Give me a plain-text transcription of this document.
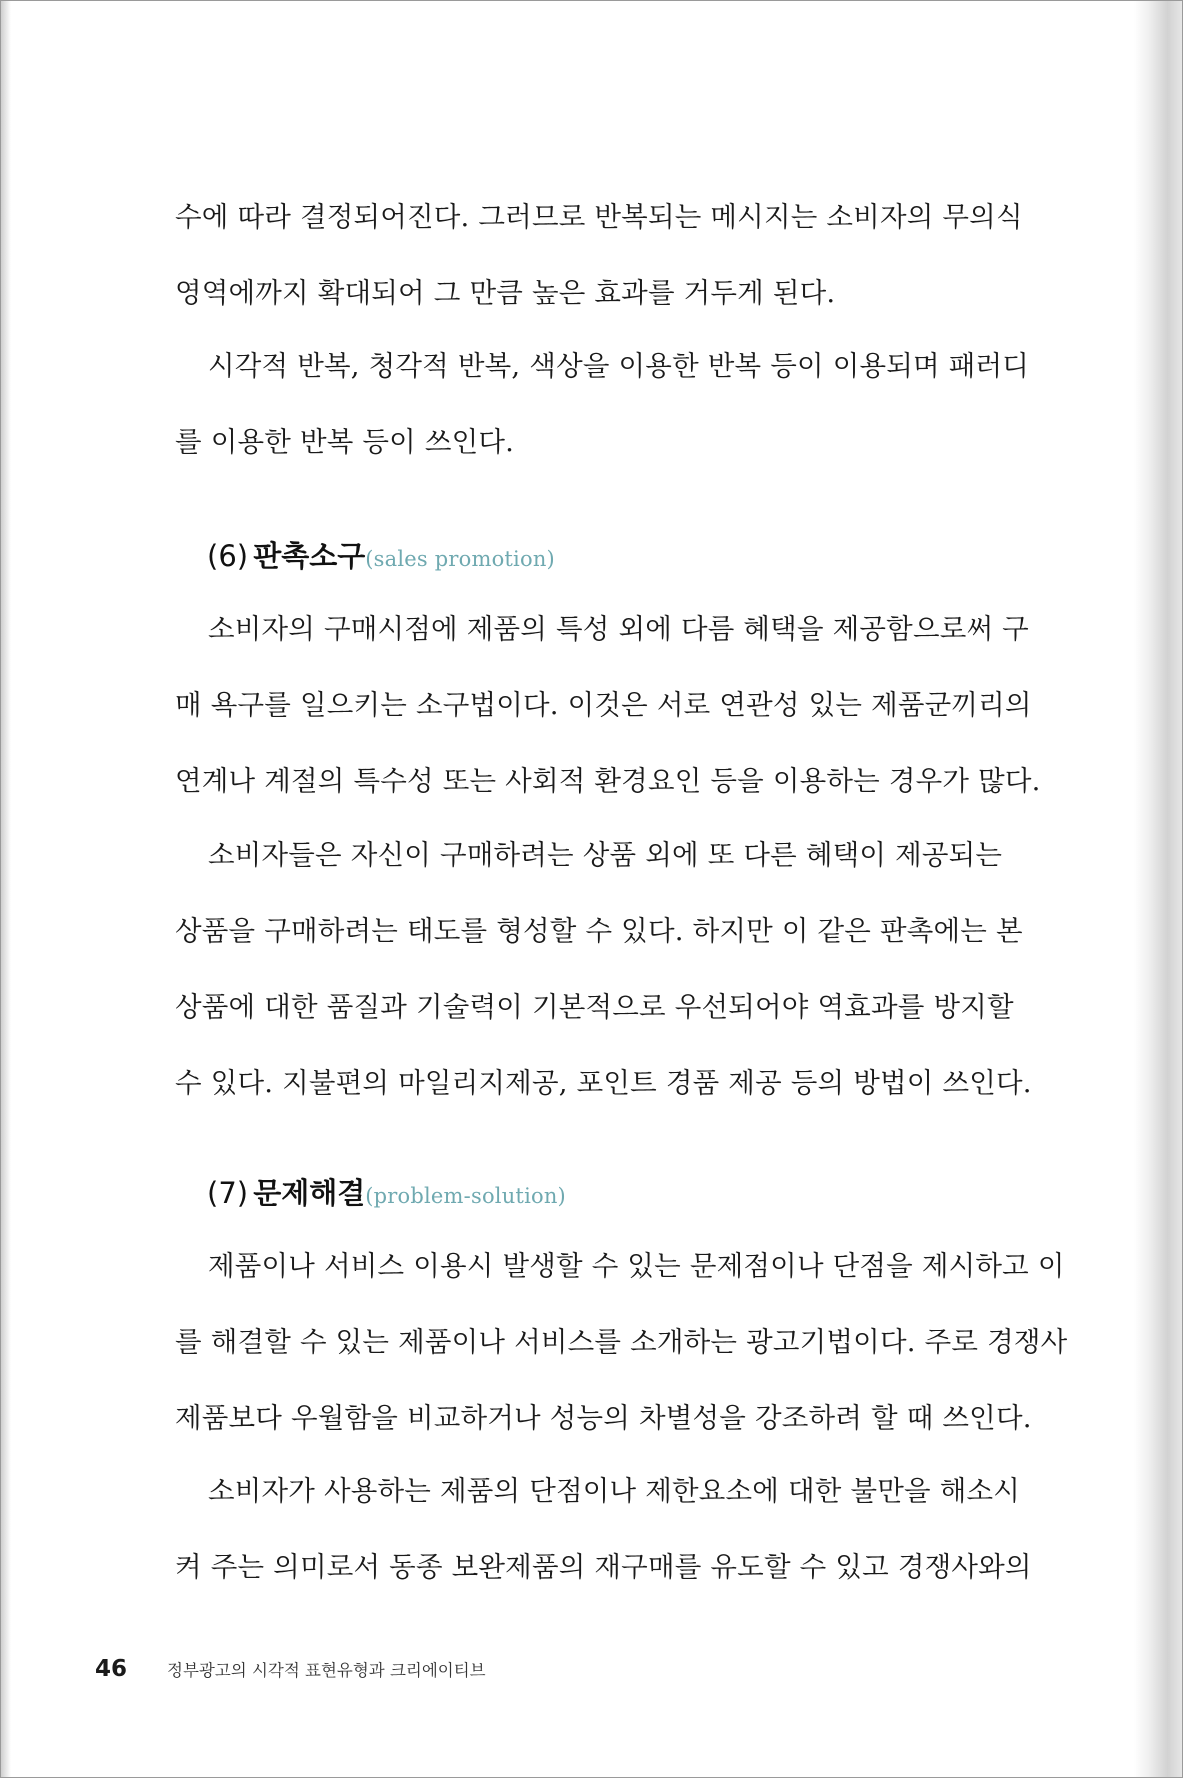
수에 따라 결정되어진다. 그러므로 반복되는 메시지는 소비자의 무의식
영역에까지 확대되어 그 만큼 높은 효과를 거두게 된다.
시각적 반복, 청각적 반복, 색상을 이용한 반복 등이 이용되며 패러디
를 이용한 반복 등이 쓰인다.
(6) 판촉소구(sales promotion)
소비자의 구매시점에 제품의 특성 외에 다름 혜택을 제공함으로써 구
매 욕구를 일으키는 소구법이다. 이것은 서로 연관성 있는 제품군끼리의
연계나 계절의 특수성 또는 사회적 환경요인 등을 이용하는 경우가 많다.
소비자들은 자신이 구매하려는 상품 외에 또 다른 혜택이 제공되는
상품을 구매하려는 태도를 형성할 수 있다. 하지만 이 같은 판촉에는 본
상품에 대한 품질과 기술력이 기본적으로 우선되어야 역효과를 방지할
수 있다. 지불편의 마일리지제공, 포인트 경품 제공 등의 방법이 쓰인다.
(7) 문제해결(problem-solution)
제품이나 서비스 이용시 발생할 수 있는 문제점이나 단점을 제시하고 이
를 해결할 수 있는 제품이나 서비스를 소개하는 광고기법이다. 주로 경쟁사
제품보다 우월함을 비교하거나 성능의 차별성을 강조하려 할 때 쓰인다.
소비자가 사용하는 제품의 단점이나 제한요소에 대한 불만을 해소시
켜 주는 의미로서 동종 보완제품의 재구매를 유도할 수 있고 경쟁사와의
46 정부광고의 시각적 표현유형과 크리에이티브
